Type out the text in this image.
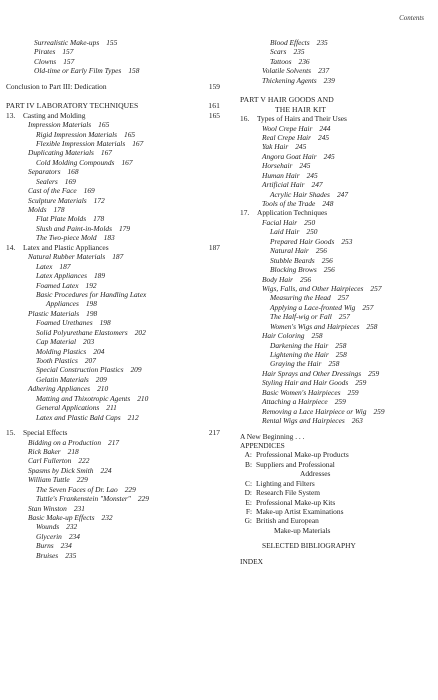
Contents
Surrealistic Make-ups 155
Pirates 157
Clowns 157
Old-time or Early Film Types 158
Conclusion to Part III: Dedication	159
PART IV LABORATORY TECHNIQUES	161
13. Casting and Molding	165
Impression Materials 165
Rigid Impression Materials 165
Flexible Impression Materials 167
Duplicating Materials 167
Cold Molding Compounds 167
Separators 168
Sealers 169
Cast of the Face 169
Sculpture Materials 172
Molds 178
Flat Plate Molds 178
Slush and Paint-in-Molds 179
The Two-piece Mold 183
14. Latex and Plastic Appliances	187
Natural Rubber Materials 187
Latex 187
Latex Appliances 189
Foamed Latex 192
Basic Procedures for Handling Latex
Appliances 198
Plastic Materials 198
Foamed Urethanes 198
Solid Polyurethane Elastomers 202
Cap Material 203
Molding Plastics 204
Tooth Plastics 207
Special Construction Plastics 209
Gelatin Materials 209
Adhering Appliances 210
Matting and Thixotropic Agents 210
General Applications 211
Latex and Plastic Bald Caps 212
15. Special Effects	217
Bidding on a Production 217
Rick Baker 218
Carl Fullerton 222
Spasms by Dick Smith 224
William Tuttle 229
The Seven Faces of Dr. Lao 229
Tuttle's Frankenstein "Monster" 229
Stan Winston 231
Basic Make-up Effects 232
Wounds 232
Glycerin 234
Burns 234
Bruises 235
Blood Effects 235
Scars 235
Tattoos 236
Volatile Solvents 237
Thickening Agents 239
PART V HAIR GOODS AND
THE HAIR KIT
16. Types of Hairs and Their Uses
Wool Crepe Hair 244
Real Crepe Hair 245
Yak Hair 245
Angora Goat Hair 245
Horsehair 245
Human Hair 245
Artificial Hair 247
Acrylic Hair Shades 247
Tools of the Trade 248
17. Application Techniques
Facial Hair 250
Laid Hair 250
Prepared Hair Goods 253
Natural Hair 256
Stubble Beards 256
Blocking Brows 256
Body Hair 256
Wigs, Falls, and Other Hairpieces 257
Measuring the Head 257
Applying a Lace-fronted Wig 257
The Half-wig or Fall 257
Women's Wigs and Hairpieces 258
Hair Coloring 258
Darkening the Hair 258
Lightening the Hair 258
Graying the Hair 258
Hair Sprays and Other Dressings 259
Styling Hair and Hair Goods 259
Basic Women's Hairpieces 259
Attaching a Hairpiece 259
Removing a Lace Hairpiece or Wig 259
Rental Wigs and Hairpieces 263
A New Beginning . . .
APPENDICES
A: Professional Make-up Products
B: Suppliers and Professional
Addresses
C: Lighting and Filters
D: Research File System
E: Professional Make-up Kits
F: Make-up Artist Examinations
G: British and European
Make-up Materials
SELECTED BIBLIOGRAPHY
INDEX
